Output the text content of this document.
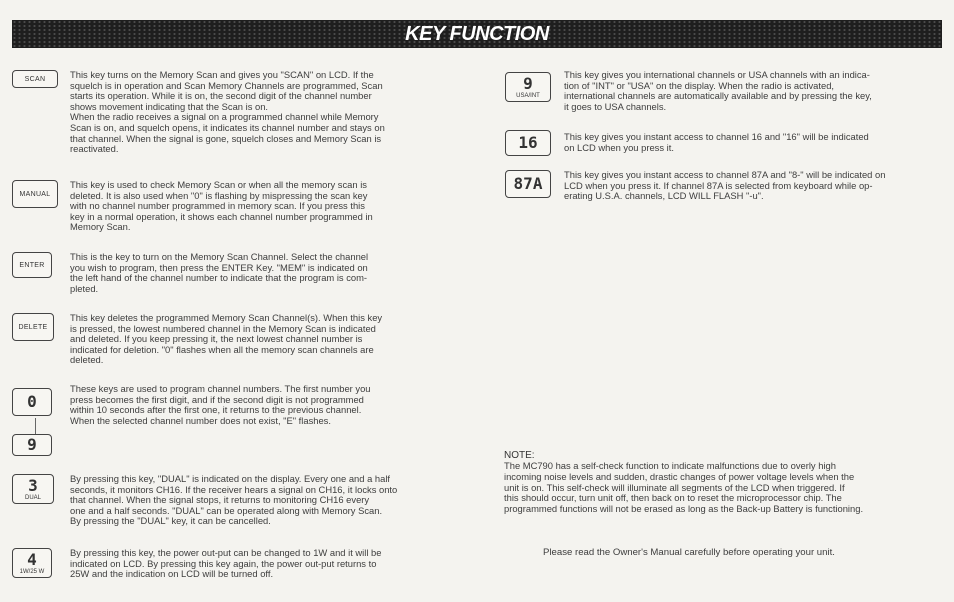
KEY FUNCTION
SCAN	This key turns on the Memory Scan and gives you "SCAN" on LCD. If the
squelch is in operation and Scan Memory Channels are programmed, Scan
starts its operation. While it is on, the second digit of the channel number
shows movement indicating that the Scan is on.
When the radio receives a signal on a programmed channel while Memory
Scan is on, and squelch opens, it indicates its channel number and stays on
that channel. When the signal is gone, squelch closes and Memory Scan is
reactivated.
MANUAL
This key is used to check Memory Scan or when all the memory scan is
deleted. It is also used when "0" is flashing by mispressing the scan key
with no channel number programmed in memory scan. If you press this
key in a normal operation, it shows each channel number programmed in
Memory Scan.
ENTER
This is the key to turn on the Memory Scan Channel. Select the channel
you wish to program, then press the ENTER Key. "MEM" is indicated on
the left hand of the channel number to indicate that the program is com-
pleted.
DELETE
This key deletes the programmed Memory Scan Channel(s). When this key
is pressed, the lowest numbered channel in the Memory Scan is indicated
and deleted. If you keep pressing it, the next lowest channel number is
indicated for deletion. "0" flashes when all the memory scan channels are
deleted.
0
9
These keys are used to program channel numbers. The first number you
press becomes the first digit, and if the second digit is not programmed
within 10 seconds after the first one, it returns to the previous channel.
When the selected channel number does not exist, "E" flashes.
3
DUAL
By pressing this key, "DUAL" is indicated on the display. Every one and a half
seconds, it monitors CH16. If the receiver hears a signal on CH16, it locks onto
that channel. When the signal stops, it returns to monitoring CH16 every
one and a half seconds. "DUAL" can be operated along with Memory Scan.
By pressing the "DUAL" key, it can be cancelled.
4
1W/25 W
By pressing this key, the power out-put can be changed to 1W and it will be
indicated on LCD. By pressing this key again, the power out-put returns to
25W and the indication on LCD will be turned off.
9
USA/INT
This key gives you international channels or USA channels with an indica-
tion of "INT" or "USA" on the display. When the radio is activated,
international channels are automatically available and by pressing the key,
it goes to USA channels.
16	This key gives you instant access to channel 16 and "16" will be indicated
on LCD when you press it.
87A This key gives you instant access to channel 87A and "8-" will be indicated on
LCD when you press it. If channel 87A is selected from keyboard while op-
erating U.S.A. channels, LCD WILL FLASH "-u".
NOTE:
The MC790 has a self-check function to indicate malfunctions due to overly high
incoming noise levels and sudden, drastic changes of power voltage levels when the
unit is on. This self-check will illuminate all segments of the LCD when triggered. If
this should occur, turn unit off, then back on to reset the microprocessor chip. The
programmed functions will not be erased as long as the Back-up Battery is functioning.
Please read the Owner's Manual carefully before operating your unit.
